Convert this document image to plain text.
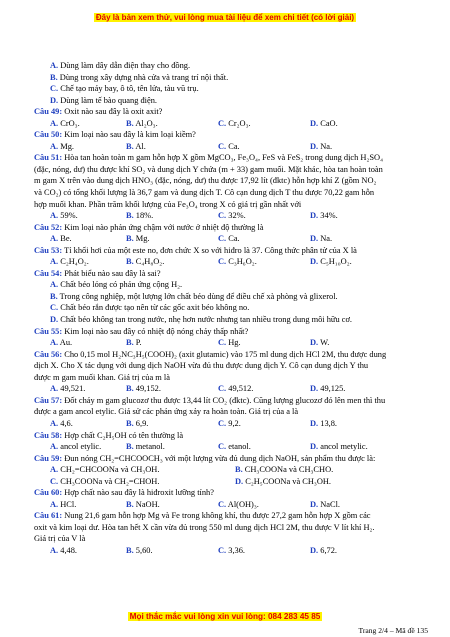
Đây là bản xem thử, vui lòng mua tài liệu để xem chi tiết (có lời giải)
A. Dùng làm dây dẫn điện thay cho đồng.
B. Dùng trong xây dựng nhà cửa và trang trí nội thất.
C. Chế tạo máy bay, ô tô, tên lửa, tàu vũ trụ.
D. Dùng làm tế bào quang điện.
Câu 49: Oxit nào sau đây là oxit axit?
A. CrO₃.	B. Al₂O₃.	C. Cr₂O₃.	D. CaO.
Câu 50: Kim loại nào sau đây là kim loại kiềm?
A. Mg.	B. Al.	C. Ca.	D. Na.
Câu 51: Hòa tan hoàn toàn m gam hỗn hợp X gồm MgCO₃, Fe₃O₄, FeS và FeS₂ trong dung dịch H₂SO₄
(đặc, nóng, dư) thu được khí SO₂ và dung dịch Y chứa (m + 33) gam muối. Mặt khác, hòa tan hoàn toàn
m gam X trên vào dung dịch HNO₃ (đặc, nóng, dư) thu được 17,92 lít (đktc) hỗn hợp khí Z (gồm NO₂
và CO₂) có tổng khối lượng là 36,7 gam và dung dịch T. Cô cạn dung dịch T thu được 70,22 gam hỗn
hợp muối khan. Phần trăm khối lượng của Fe₃O₄ trong X có giá trị gần nhất với
A. 59%.	B. 18%.	C. 32%.	D. 34%.
Câu 52: Kim loại nào phản ứng chậm với nước ở nhiệt độ thường là
A. Be.	B. Mg.	C. Ca.	D. Na.
Câu 53: Tỉ khối hơi của một este no, đơn chức X so với hiđro là 37. Công thức phân tử của X là
A. C₂H₄O₂.	B. C₄H₈O₂.	C. C₃H₆O₂.	D. C₅H₁₀O₂.
Câu 54: Phát biểu nào sau đây là sai?
A. Chất béo lỏng có phản ứng cộng H₂.
B. Trong công nghiệp, một lượng lớn chất béo dùng để điều chế xà phòng và glixerol.
C. Chất béo rắn được tạo nên từ các gốc axit béo không no.
D. Chất béo không tan trong nước, nhẹ hơn nước nhưng tan nhiều trong dung môi hữu cơ.
Câu 55: Kim loại nào sau đây có nhiệt độ nóng chảy thấp nhất?
A. Au.	B. P.	C. Hg.	D. W.
Câu 56: Cho 0,15 mol H₂NC₃H₅(COOH)₂ (axit glutamic) vào 175 ml dung dịch HCl 2M, thu được dung
dịch X. Cho X tác dụng với dung dịch NaOH vừa đủ thu được dung dịch Y. Cô cạn dung dịch Y thu
được m gam muối khan. Giá trị của m là
A. 49,521.	B. 49,152.	C. 49,512.	D. 49,125.
Câu 57: Đốt cháy m gam glucozơ thu được 13,44 lít CO₂ (đktc). Cũng lượng glucozơ đó lên men thì thu
được a gam ancol etylic. Giả sử các phản ứng xảy ra hoàn toàn. Giá trị của a là
A. 4,6.	B. 6,9.	C. 9,2.	D. 13,8.
Câu 58: Hợp chất C₂H₅OH có tên thường là
A. ancol etylic.	B. metanol.	C. etanol.	D. ancol metylic.
Câu 59: Đun nóng CH₂=CHCOOCH₃ với một lượng vừa đủ dung dịch NaOH, sản phẩm thu được là:
A. CH₂=CHCOONa và CH₃OH.	B. CH₃COONa và CH₃CHO.
C. CH₃COONa và CH₂=CHOH.	D. C₂H₅COONa và CH₃OH.
Câu 60: Hợp chất nào sau đây là hiđroxit lưỡng tính?
A. HCl.	B. NaOH.	C. Al(OH)₃.	D. NaCl.
Câu 61: Nung 21,6 gam hỗn hợp Mg và Fe trong không khí, thu được 27,2 gam hỗn hợp X gồm các
oxit và kim loại dư. Hòa tan hết X cần vừa đủ trong 550 ml dung dịch HCl 2M, thu được V lít khí H₂.
Giá trị của V là
A. 4,48.	B. 5,60.	C. 3,36.	D. 6,72.
Mọi thắc mắc vui lòng xin vui lòng: 084 283 45 85
Trang 2/4 – Mã đề 135
